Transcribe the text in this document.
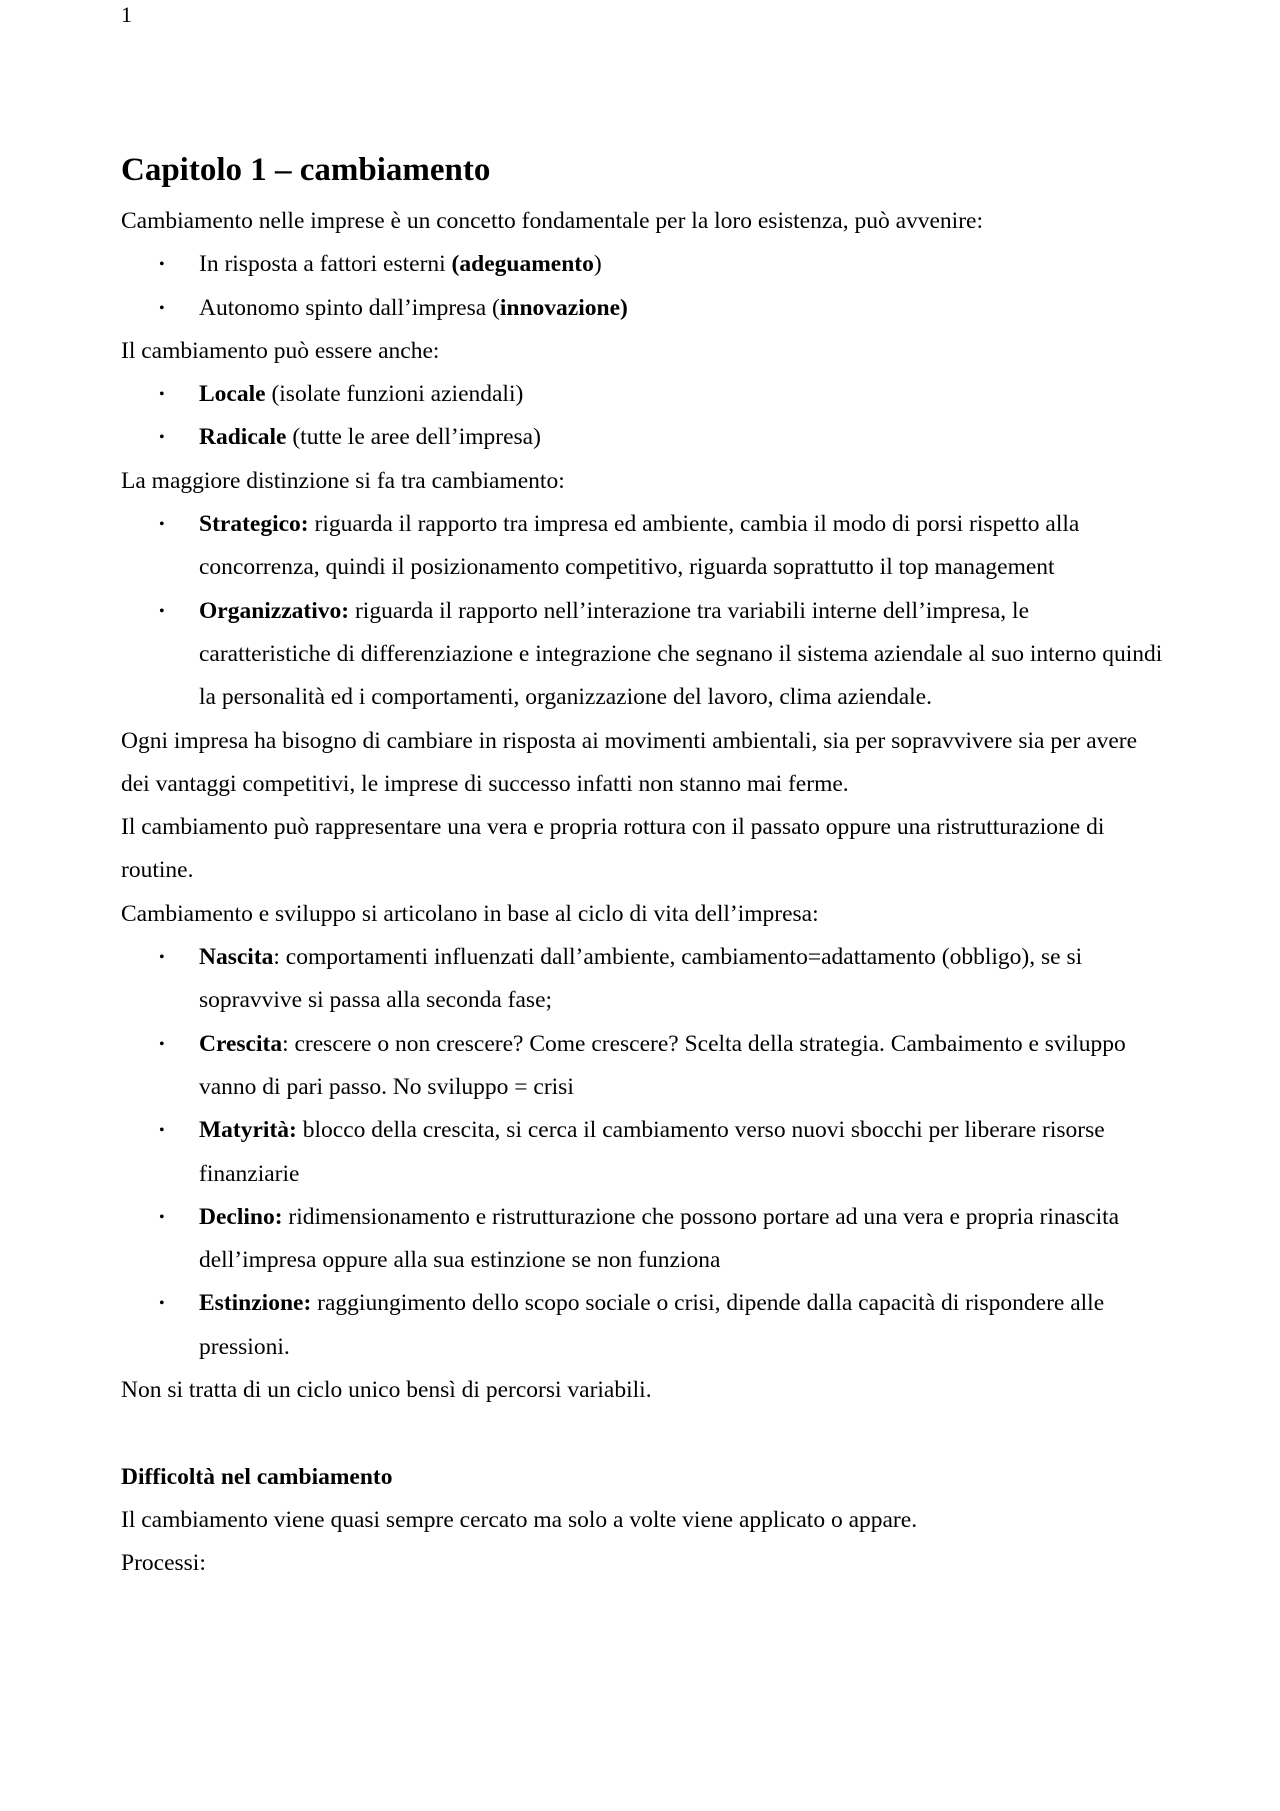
1
Capitolo 1 – cambiamento

Cambiamento nelle imprese è un concetto fondamentale per la loro esistenza, può avvenire:

• In risposta a fattori esterni (adeguamento)
• Autonomo spinto dall’impresa (innovazione)

Il cambiamento può essere anche:

• Locale (isolate funzioni aziendali)
• Radicale (tutte le aree dell’impresa)

La maggiore distinzione si fa tra cambiamento:

• Strategico: riguarda il rapporto tra impresa ed ambiente, cambia il modo di porsi rispetto alla concorrenza, quindi il posizionamento competitivo, riguarda soprattutto il top management
• Organizzativo: riguarda il rapporto nell’interazione tra variabili interne dell’impresa, le caratteristiche di differenziazione e integrazione che segnano il sistema aziendale al suo interno quindi la personalità ed i comportamenti, organizzazione del lavoro, clima aziendale.

Ogni impresa ha bisogno di cambiare in risposta ai movimenti ambientali, sia per sopravvivere sia per avere dei vantaggi competitivi, le imprese di successo infatti non stanno mai ferme.

Il cambiamento può rappresentare una vera e propria rottura con il passato oppure una ristrutturazione di routine.

Cambiamento e sviluppo si articolano in base al ciclo di vita dell’impresa:

• Nascita: comportamenti influenzati dall’ambiente, cambiamento=adattamento (obbligo), se si sopravvive si passa alla seconda fase;
• Crescita: crescere o non crescere? Come crescere? Scelta della strategia. Cambaimento e sviluppo vanno di pari passo. No sviluppo = crisi
• Matyrità: blocco della crescita, si cerca il cambiamento verso nuovi sbocchi per liberare risorse finanziarie
• Declino: ridimensionamento e ristrutturazione che possono portare ad una vera e propria rinascita dell’impresa oppure alla sua estinzione se non funziona
• Estinzione: raggiungimento dello scopo sociale o crisi, dipende dalla capacità di rispondere alle pressioni.

Non si tratta di un ciclo unico bensì di percorsi variabili.

Difficoltà nel cambiamento

Il cambiamento viene quasi sempre cercato ma solo a volte viene applicato o appare.

Processi:
